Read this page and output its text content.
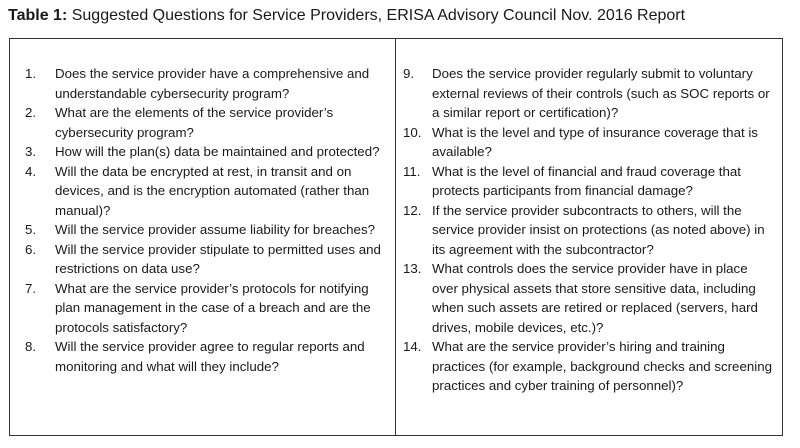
Table 1: Suggested Questions for Service Providers, ERISA Advisory Council Nov. 2016 Report
1.	Does the service provider have a comprehensive and understandable cybersecurity program?
2.	What are the elements of the service provider’s cybersecurity program?
3.	How will the plan(s) data be maintained and protected?
4.	Will the data be encrypted at rest, in transit and on devices, and is the encryption automated (rather than manual)?
5.	Will the service provider assume liability for breaches?
6.	Will the service provider stipulate to permitted uses and restrictions on data use?
7.	What are the service provider’s protocols for notifying plan management in the case of a breach and are the protocols satisfactory?
8.	Will the service provider agree to regular reports and monitoring and what will they include?
9.	Does the service provider regularly submit to voluntary external reviews of their controls (such as SOC reports or a similar report or certification)?
10. What is the level and type of insurance coverage that is available?
11. What is the level of financial and fraud coverage that protects participants from financial damage?
12. If the service provider subcontracts to others, will the service provider insist on protections (as noted above) in its agreement with the subcontractor?
13. What controls does the service provider have in place over physical assets that store sensitive data, including when such assets are retired or replaced (servers, hard drives, mobile devices, etc.)?
14. What are the service provider’s hiring and training practices (for example, background checks and screening practices and cyber training of personnel)?
